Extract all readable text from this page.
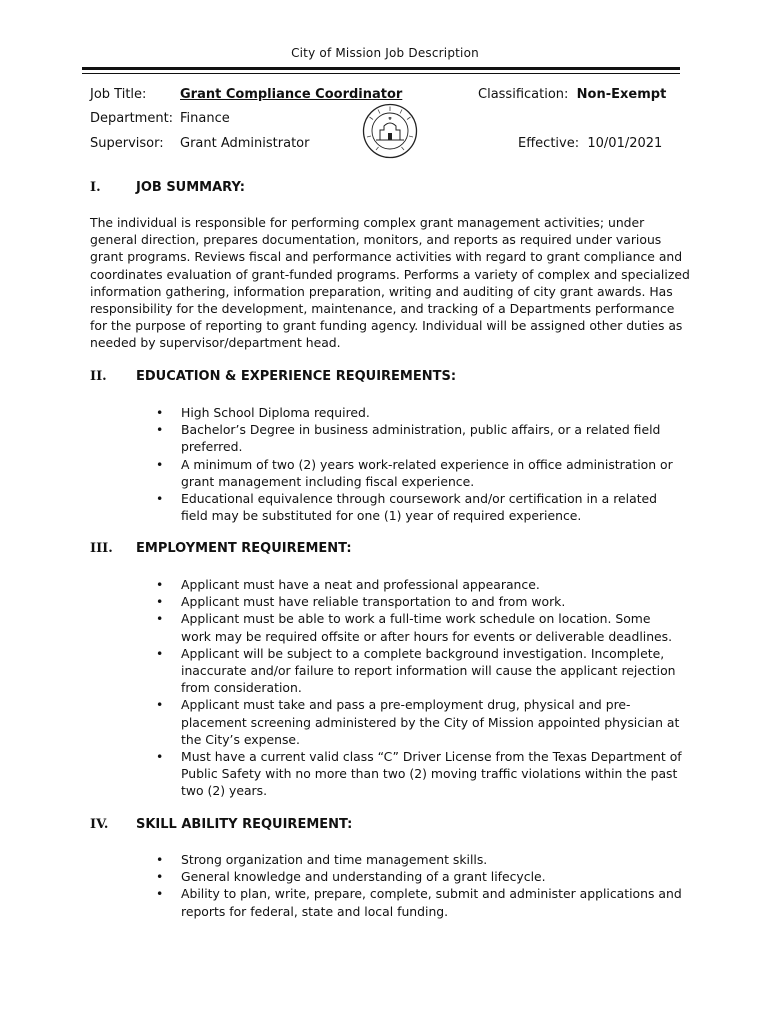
City of Mission Job Description
Job Title:	Grant Compliance Coordinator	Classification: Non-Exempt
Department: Finance
Supervisor: Grant Administrator	Effective: 10/01/2021
I.	JOB SUMMARY:
The individual is responsible for performing complex grant management activities; under general direction, prepares documentation, monitors, and reports as required under various grant programs. Reviews fiscal and performance activities with regard to grant compliance and coordinates evaluation of grant-funded programs. Performs a variety of complex and specialized information gathering, information preparation, writing and auditing of city grant awards. Has responsibility for the development, maintenance, and tracking of a Departments performance for the purpose of reporting to grant funding agency. Individual will be assigned other duties as needed by supervisor/department head.
II. EDUCATION & EXPERIENCE REQUIREMENTS:
• High School Diploma required.
• Bachelor’s Degree in business administration, public affairs, or a related field preferred.
• A minimum of two (2) years work-related experience in office administration or grant management including fiscal experience.
• Educational equivalence through coursework and/or certification in a related field may be substituted for one (1) year of required experience.
III. EMPLOYMENT REQUIREMENT:
• Applicant must have a neat and professional appearance.
• Applicant must have reliable transportation to and from work.
• Applicant must be able to work a full-time work schedule on location. Some work may be required offsite or after hours for events or deliverable deadlines.
• Applicant will be subject to a complete background investigation. Incomplete, inaccurate and/or failure to report information will cause the applicant rejection from consideration.
• Applicant must take and pass a pre-employment drug, physical and pre-placement screening administered by the City of Mission appointed physician at the City’s expense.
• Must have a current valid class “C” Driver License from the Texas Department of Public Safety with no more than two (2) moving traffic violations within the past two (2) years.
IV. SKILL ABILITY REQUIREMENT:
• Strong organization and time management skills.
• General knowledge and understanding of a grant lifecycle.
• Ability to plan, write, prepare, complete, submit and administer applications and reports for federal, state and local funding.
